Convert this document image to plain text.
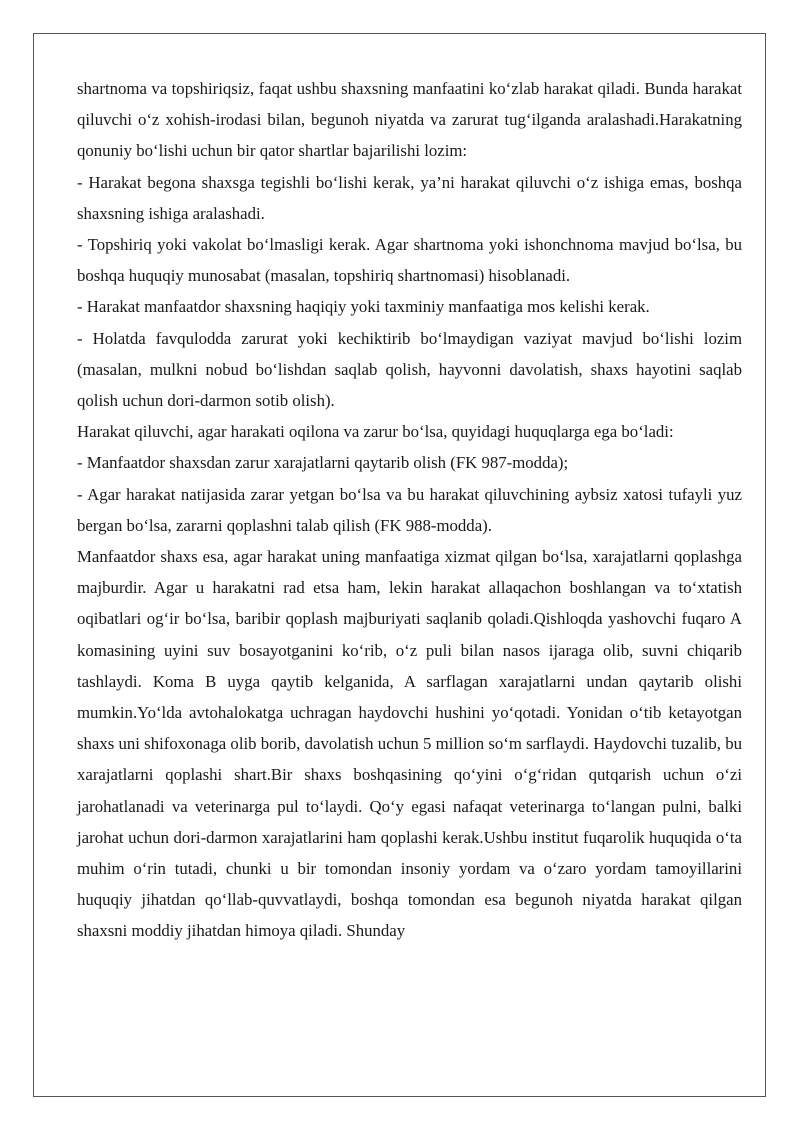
shartnoma va topshiriqsiz, faqat ushbu shaxsning manfaatini ko‘zlab harakat qiladi. Bunda harakat qiluvchi o‘z xohish-irodasi bilan, begunoh niyatda va zarurat tug‘ilganda aralashadi.Harakatning qonuniy bo‘lishi uchun bir qator shartlar bajarilishi lozim:

- Harakat begona shaxsga tegishli bo‘lishi kerak, ya’ni harakat qiluvchi o‘z ishiga emas, boshqa shaxsning ishiga aralashadi.

- Topshiriq yoki vakolat bo‘lmasligi kerak. Agar shartnoma yoki ishonchnoma mavjud bo‘lsa, bu boshqa huquqiy munosabat (masalan, topshiriq shartnomasi) hisoblanadi.

- Harakat manfaatdor shaxsning haqiqiy yoki taxminiy manfaatiga mos kelishi kerak.

- Holatda favqulodda zarurat yoki kechiktirib bo‘lmaydigan vaziyat mavjud bo‘lishi lozim (masalan, mulkni nobud bo‘lishdan saqlab qolish, hayvonni davolatish, shaxs hayotini saqlab qolish uchun dori-darmon sotib olish).

Harakat qiluvchi, agar harakati oqilona va zarur bo‘lsa, quyidagi huquqlarga ega bo‘ladi:

- Manfaatdor shaxsdan zarur xarajatlarni qaytarib olish (FK 987-modda);

- Agar harakat natijasida zarar yetgan bo‘lsa va bu harakat qiluvchining aybsiz xatosi tufayli yuz bergan bo‘lsa, zararni qoplashni talab qilish (FK 988-modda).

Manfaatdor shaxs esa, agar harakat uning manfaatiga xizmat qilgan bo‘lsa, xarajatlarni qoplashga majburdir. Agar u harakatni rad etsa ham, lekin harakat allaqachon boshlangan va to‘xtatish oqibatlari og‘ir bo‘lsa, baribir qoplash majburiyati saqlanib qoladi.Qishloqda yashovchi fuqaro A komasining uyini suv bosayotganini ko‘rib, o‘z puli bilan nasos ijaraga olib, suvni chiqarib tashlaydi. Koma B uyga qaytib kelganida, A sarflagan xarajatlarni undan qaytarib olishi mumkin.Yo‘lda avtohalokatga uchragan haydovchi hushini yo‘qotadi. Yonidan o‘tib ketayotgan shaxs uni shifoxonaga olib borib, davolatish uchun 5 million so‘m sarflaydi. Haydovchi tuzalib, bu xarajatlarni qoplashi shart.Bir shaxs boshqasining qo‘yini o‘g‘ridan qutqarish uchun o‘zi jarohatlanadi va veterinarga pul to‘laydi. Qo‘y egasi nafaqat veterinarga to‘langan pulni, balki jarohat uchun dori-darmon xarajatlarini ham qoplashi kerak.Ushbu institut fuqarolik huquqida o‘ta muhim o‘rin tutadi, chunki u bir tomondan insoniy yordam va o‘zaro yordam tamoyillarini huquqiy jihatdan qo‘llab-quvvatlaydi, boshqa tomondan esa begunoh niyatda harakat qilgan shaxsni moddiy jihatdan himoya qiladi. Shunday
